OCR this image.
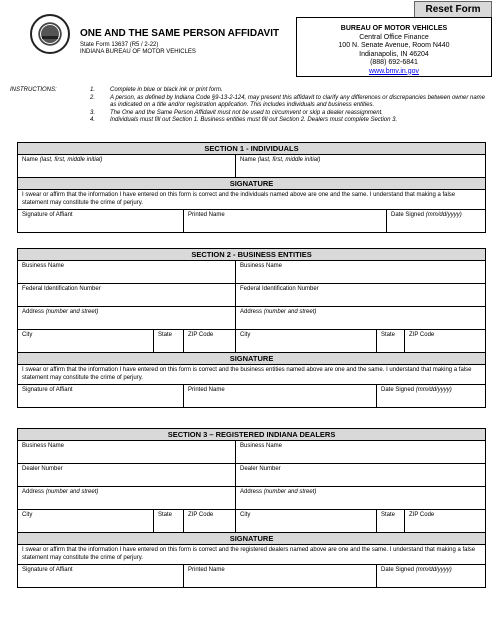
ONE AND THE SAME PERSON AFFIDAVIT
State Form 13637 (R5 / 2-22)
INDIANA BUREAU OF MOTOR VEHICLES
Reset Form
BUREAU OF MOTOR VEHICLES
Central Office Finance
100 N. Senate Avenue, Room N440
Indianapolis, IN 46204
(888) 692-6841
www.bmv.in.gov
INSTRUCTIONS:	1.	Complete in blue or black ink or print form.
2.	A person, as defined by Indiana Code §9-13-2-124, may present this affidavit to clarify any differences or discrepancies between owner name as indicated on a title and/or registration application. This includes individuals and business entities.
3.	The One and the Same Person Affidavit must not be used to circumvent or skip a dealer reassignment.
4.	Individuals must fill out Section 1. Business entities must fill out Section 2. Dealers must complete Section 3.
SECTION 1 - INDIVIDUALS			
Name (last, first, middle initial)		Name (last, first, middle initial)	
SIGNATURE			
I swear or affirm that the information I have entered on this form is correct and the individuals named above are one and the same. I understand that making a false statement may constitute the crime of perjury.			
Signature of Affiant	Printed Name		Date Signed (mm/dd/yyyy)
SECTION 2 - BUSINESS ENTITIES					
Business Name			Business Name		
Federal Identification Number			Federal Identification Number		
Address (number and street)			Address (number and street)		
City	State	ZIP Code	City	State	ZIP Code
SIGNATURE					
I swear or affirm that the information I have entered on this form is correct and the business entities named above are one and the same. I understand that making a false statement may constitute the crime of perjury.					
Signature of Affiant		Printed Name		Date Signed (mm/dd/yyyy)	
SECTION 3 – REGISTERED INDIANA DEALERS					
Business Name			Business Name		
Dealer Number			Dealer Number		
Address (number and street)			Address (number and street)		
City	State	ZIP Code	City	State	ZIP Code
SIGNATURE					
I swear or affirm that the information I have entered on this form is correct and the registered dealers named above are one and the same. I understand that making a false statement may constitute the crime of perjury.					
Signature of Affiant		Printed Name		Date Signed (mm/dd/yyyy)	
